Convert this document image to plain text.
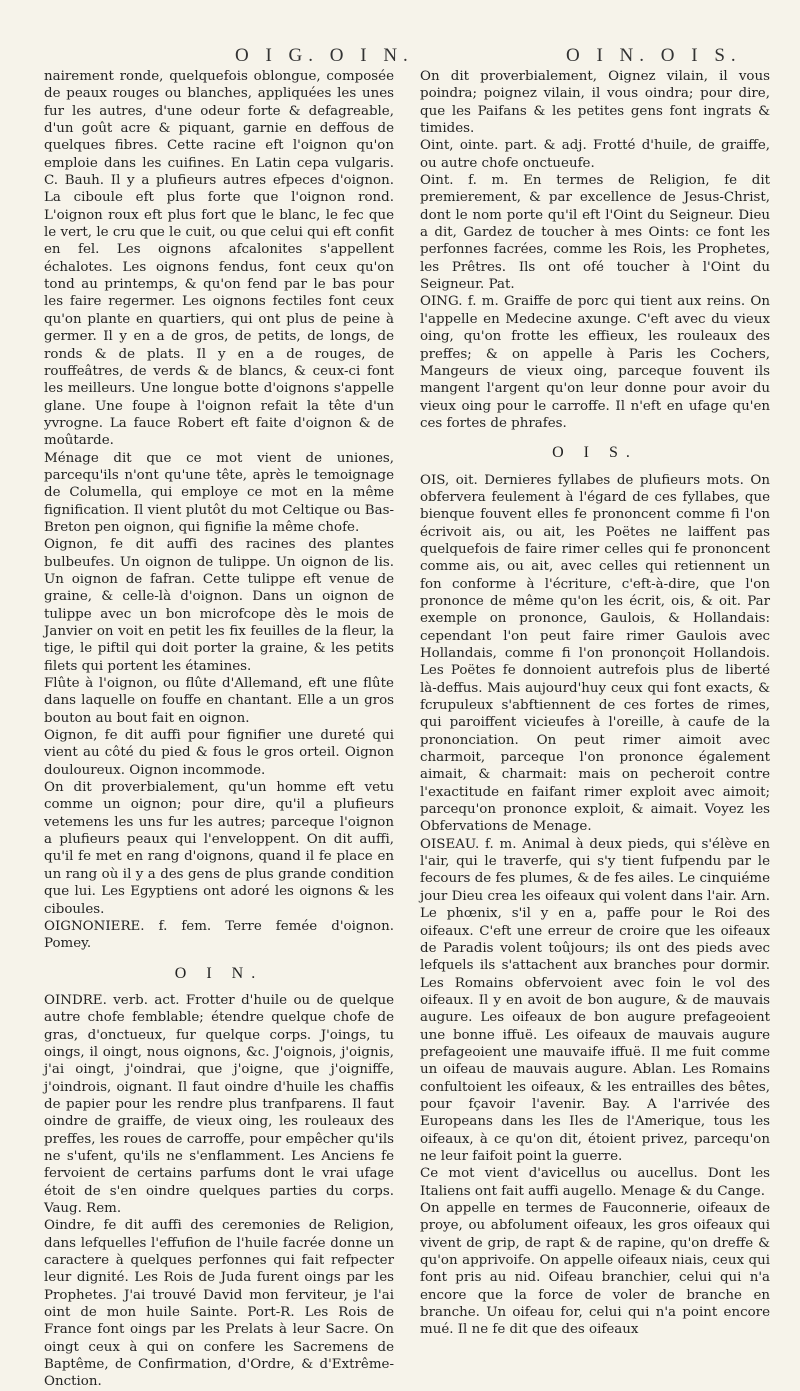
O I G. O I N.	O I N. O I S.

nairement ronde, quelquefois oblongue, composée de peaux rouges ou blanches, appliquées les unes fur les autres, d'une odeur forte & defagreable, d'un goût acre & piquant, garnie en deffous de quelques fibres. Cette racine eft l'oignon qu'on emploie dans les cuifines. En Latin cepa vulgaris. C. Bauh. Il y a plufieurs autres efpeces d'oignon. La ciboule eft plus forte que l'oignon rond. L'oignon roux eft plus fort que le blanc, le fec que le vert, le cru que le cuit, ou que celui qui eft confit en fel. Les oignons afcalonites s'appellent échalotes. Les oignons fendus, font ceux qu'on tond au printemps, & qu'on fend par le bas pour les faire regermer. Les oignons fectiles font ceux qu'on plante en quartiers, qui ont plus de peine à germer. Il y en a de gros, de petits, de longs, de ronds & de plats. Il y en a de rouges, de rouffeâtres, de verds & de blancs, & ceux-ci font les meilleurs. Une longue botte d'oignons s'appelle glane. Une foupe à l'oignon refait la tête d'un yvrogne. La fauce Robert eft faite d'oignon & de moûtarde.

Ménage dit que ce mot vient de uniones, parcequ'ils n'ont qu'une tête, après le temoignage de Columella, qui employe ce mot en la même fignification. Il vient plutôt du mot Celtique ou Bas-Breton pen oignon, qui fignifie la même chofe.

Oignon, fe dit auffi des racines des plantes bulbeufes. Un oignon de tulippe. Un oignon de lis. Un oignon de fafran. Cette tulippe eft venue de graine, & celle-là d'oignon. Dans un oignon de tulippe avec un bon microfcope dès le mois de Janvier on voit en petit les fix feuilles de la fleur, la tige, le piftil qui doit porter la graine, & les petits filets qui portent les étamines.

Flûte à l'oignon, ou flûte d'Allemand, eft une flûte dans laquelle on fouffe en chantant. Elle a un gros bouton au bout fait en oignon.

Oignon, fe dit auffi pour fignifier une dureté qui vient au côté du pied & fous le gros orteil. Oignon douloureux. Oignon incommode.

On dit proverbialement, qu'un homme eft vetu comme un oignon; pour dire, qu'il a plufieurs vetemens les uns fur les autres; parceque l'oignon a plufieurs peaux qui l'enveloppent. On dit auffi, qu'il fe met en rang d'oignons, quand il fe place en un rang où il y a des gens de plus grande condition que lui. Les Egyptiens ont adoré les oignons & les ciboules.

OIGNONIERE. f. fem. Terre femée d'oignon. Pomey.

O I N.

OINDRE. verb. act. Frotter d'huile ou de quelque autre chofe femblable; étendre quelque chofe de gras, d'onctueux, fur quelque corps. J'oings, tu oings, il oingt, nous oignons, &c. J'oignois, j'oignis, j'ai oingt, j'oindrai, que j'oigne, que j'oigniffe, j'oindrois, oignant. Il faut oindre d'huile les chaffis de papier pour les rendre plus tranfparens. Il faut oindre de graiffe, de vieux oing, les rouleaux des preffes, les roues de carroffe, pour empêcher qu'ils ne s'ufent, qu'ils ne s'enflamment. Les Anciens fe fervoient de certains parfums dont le vrai ufage étoit de s'en oindre quelques parties du corps. Vaug. Rem.

Oindre, fe dit auffi des ceremonies de Religion, dans lefquelles l'effufion de l'huile facrée donne un caractere à quelques perfonnes qui fait refpecter leur dignité. Les Rois de Juda furent oings par les Prophetes. J'ai trouvé David mon ferviteur, je l'ai oint de mon huile Sainte. Port-R. Les Rois de France font oings par les Prelats à leur Sacre. On oingt ceux à qui on confere les Sacremens de Baptême, de Confirmation, d'Ordre, & d'Extrême-Onction.

On dit proverbialement, Oignez vilain, il vous poindra; poignez vilain, il vous oindra; pour dire, que les Paifans & les petites gens font ingrats & timides.

Oint, ointe. part. & adj. Frotté d'huile, de graiffe, ou autre chofe onctueufe.

Oint. f. m. En termes de Religion, fe dit premierement, & par excellence de Jesus-Christ, dont le nom porte qu'il eft l'Oint du Seigneur. Dieu a dit, Gardez de toucher à mes Oints: ce font les perfonnes facrées, comme les Rois, les Prophetes, les Prêtres. Ils ont ofé toucher à l'Oint du Seigneur. Pat.

OING. f. m. Graiffe de porc qui tient aux reins. On l'appelle en Medecine axunge. C'eft avec du vieux oing, qu'on frotte les effieux, les rouleaux des preffes; & on appelle à Paris les Cochers, Mangeurs de vieux oing, parceque fouvent ils mangent l'argent qu'on leur donne pour avoir du vieux oing pour le carroffe. Il n'eft en ufage qu'en ces fortes de phrafes.

O I S.

OIS, oit. Dernieres fyllabes de plufieurs mots. On obfervera feulement à l'égard de ces fyllabes, que bienque fouvent elles fe prononcent comme fi l'on écrivoit ais, ou ait, les Poëtes ne laiffent pas quelquefois de faire rimer celles qui fe prononcent comme ais, ou ait, avec celles qui retiennent un fon conforme à l'écriture, c'eft-à-dire, que l'on prononce de même qu'on les écrit, ois, & oit. Par exemple on prononce, Gaulois, & Hollandais: cependant l'on peut faire rimer Gaulois avec Hollandais, comme fi l'on prononçoit Hollandois. Les Poëtes fe donnoient autrefois plus de liberté là-deffus. Mais aujourd'huy ceux qui font exacts, & fcrupuleux s'abftiennent de ces fortes de rimes, qui paroiffent vicieufes à l'oreille, à caufe de la prononciation. On peut rimer aimoit avec charmoit, parceque l'on prononce également aimait, & charmait: mais on pecheroit contre l'exactitude en faifant rimer exploit avec aimoit; parcequ'on prononce exploit, & aimait. Voyez les Obfervations de Menage.

OISEAU. f. m. Animal à deux pieds, qui s'élève en l'air, qui le traverfe, qui s'y tient fufpendu par le fecours de fes plumes, & de fes ailes. Le cinquiéme jour Dieu crea les oifeaux qui volent dans l'air. Arn. Le phœnix, s'il y en a, paffe pour le Roi des oifeaux. C'eft une erreur de croire que les oifeaux de Paradis volent toûjours; ils ont des pieds avec lefquels ils s'attachent aux branches pour dormir. Les Romains obfervoient avec foin le vol des oifeaux. Il y en avoit de bon augure, & de mauvais augure. Les oifeaux de bon augure prefageoient une bonne iffuë. Les oifeaux de mauvais augure prefageoient une mauvaife iffuë. Il me fuit comme un oifeau de mauvais augure. Ablan. Les Romains confultoient les oifeaux, & les entrailles des bêtes, pour fçavoir l'avenir. Bay. A l'arrivée des Europeans dans les Iles de l'Amerique, tous les oifeaux, à ce qu'on dit, étoient privez, parcequ'on ne leur faifoit point la guerre.

Ce mot vient d'avicellus ou aucellus. Dont les Italiens ont fait auffi augello. Menage & du Cange.

On appelle en termes de Fauconnerie, oifeaux de proye, ou abfolument oifeaux, les gros oifeaux qui vivent de grip, de rapt & de rapine, qu'on dreffe & qu'on apprivoife. On appelle oifeaux niais, ceux qui font pris au nid. Oifeau branchier, celui qui n'a encore que la force de voler de branche en branche. Un oifeau for, celui qui n'a point encore mué. Il ne fe dit que des oifeaux
